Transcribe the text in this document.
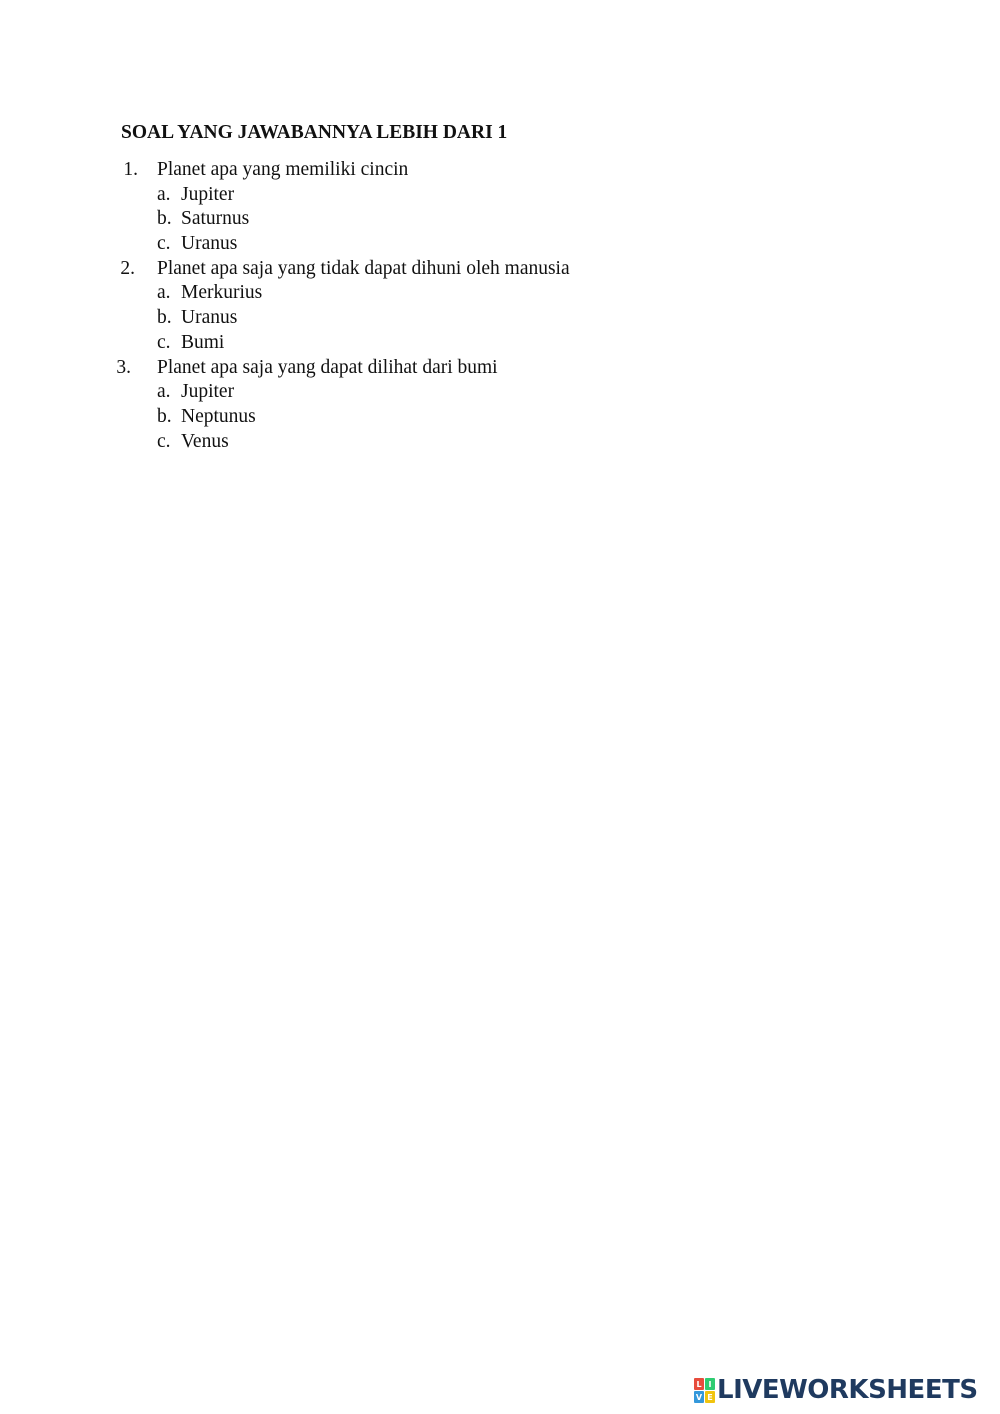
SOAL YANG JAWABANNYA LEBIH DARI 1
1. Planet apa yang memiliki cincin
a. Jupiter
b. Saturnus
c. Uranus
2. Planet apa saja yang tidak dapat dihuni oleh manusia
a. Merkurius
b. Uranus
c. Bumi
3. Planet apa saja yang dapat dilihat dari bumi
a. Jupiter
b. Neptunus
c. Venus
L I
V E LIVEWORKSHEETS
